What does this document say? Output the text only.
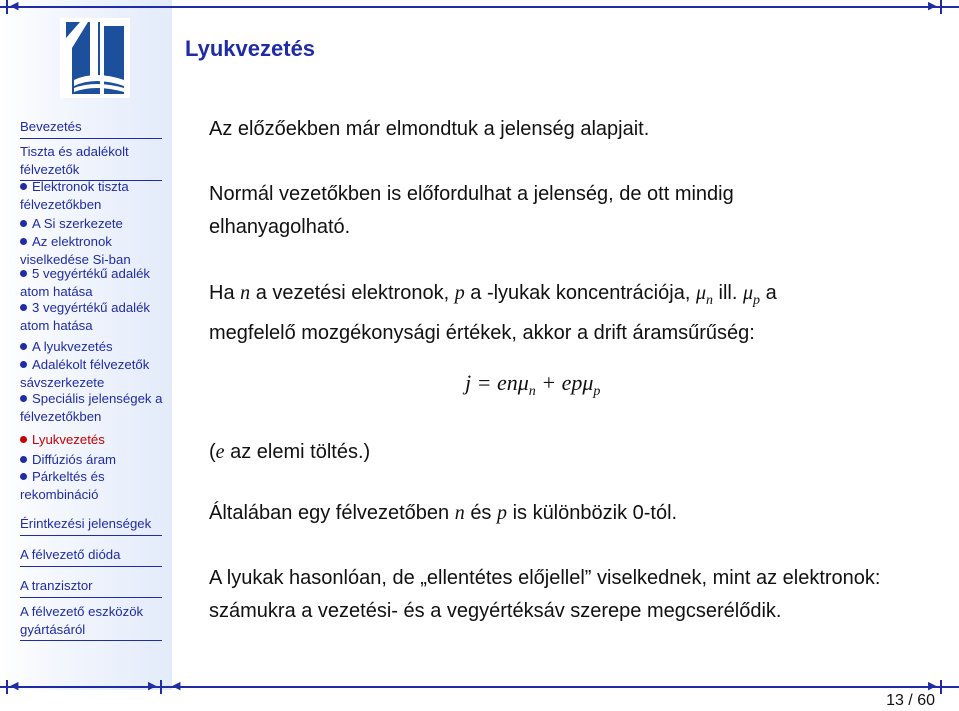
Bevezetés
Tiszta és adalékolt félvezetők
Elektronok tiszta félvezetőkben
A Si szerkezete
Az elektronok viselkedése Si-ban
5 vegyértékű adalék atom hatása
3 vegyértékű adalék atom hatása
A lyukvezetés
Adalékolt félvezetők sávszerkezete
Speciális jelenségek a félvezetőkben
Lyukvezetés
Diffúziós áram
Párkeltés és rekombináció
Érintkezési jelenségek
A félvezető dióda
A tranzisztor
A félvezető eszközök gyártásáról
Lyukvezetés
Az előzőekben már elmondtuk a jelenség alapjait.
Normál vezetőkben is előfordulhat a jelenség, de ott mindig elhanyagolható.
Ha n a vezetési elektronok, p a -lyukak koncentrációja, $\mu_n$ ill. $\mu_p$ a
megfelelő mozgékonysági értékek, akkor a drift áramsűrűség:
j = enμ$_n$ + epμ$_p$
(e az elemi töltés.)
Általában egy félvezetőben n és p is különbözik 0-tól.
A lyukak hasonlóan, de „ellentétes előjellel” viselkednek, mint az elektronok: számukra a vezetési- és a vegyértéksáv szerepe megcserélődik.
◀	▶
◀	▶ ◀	▶
13 / 60
